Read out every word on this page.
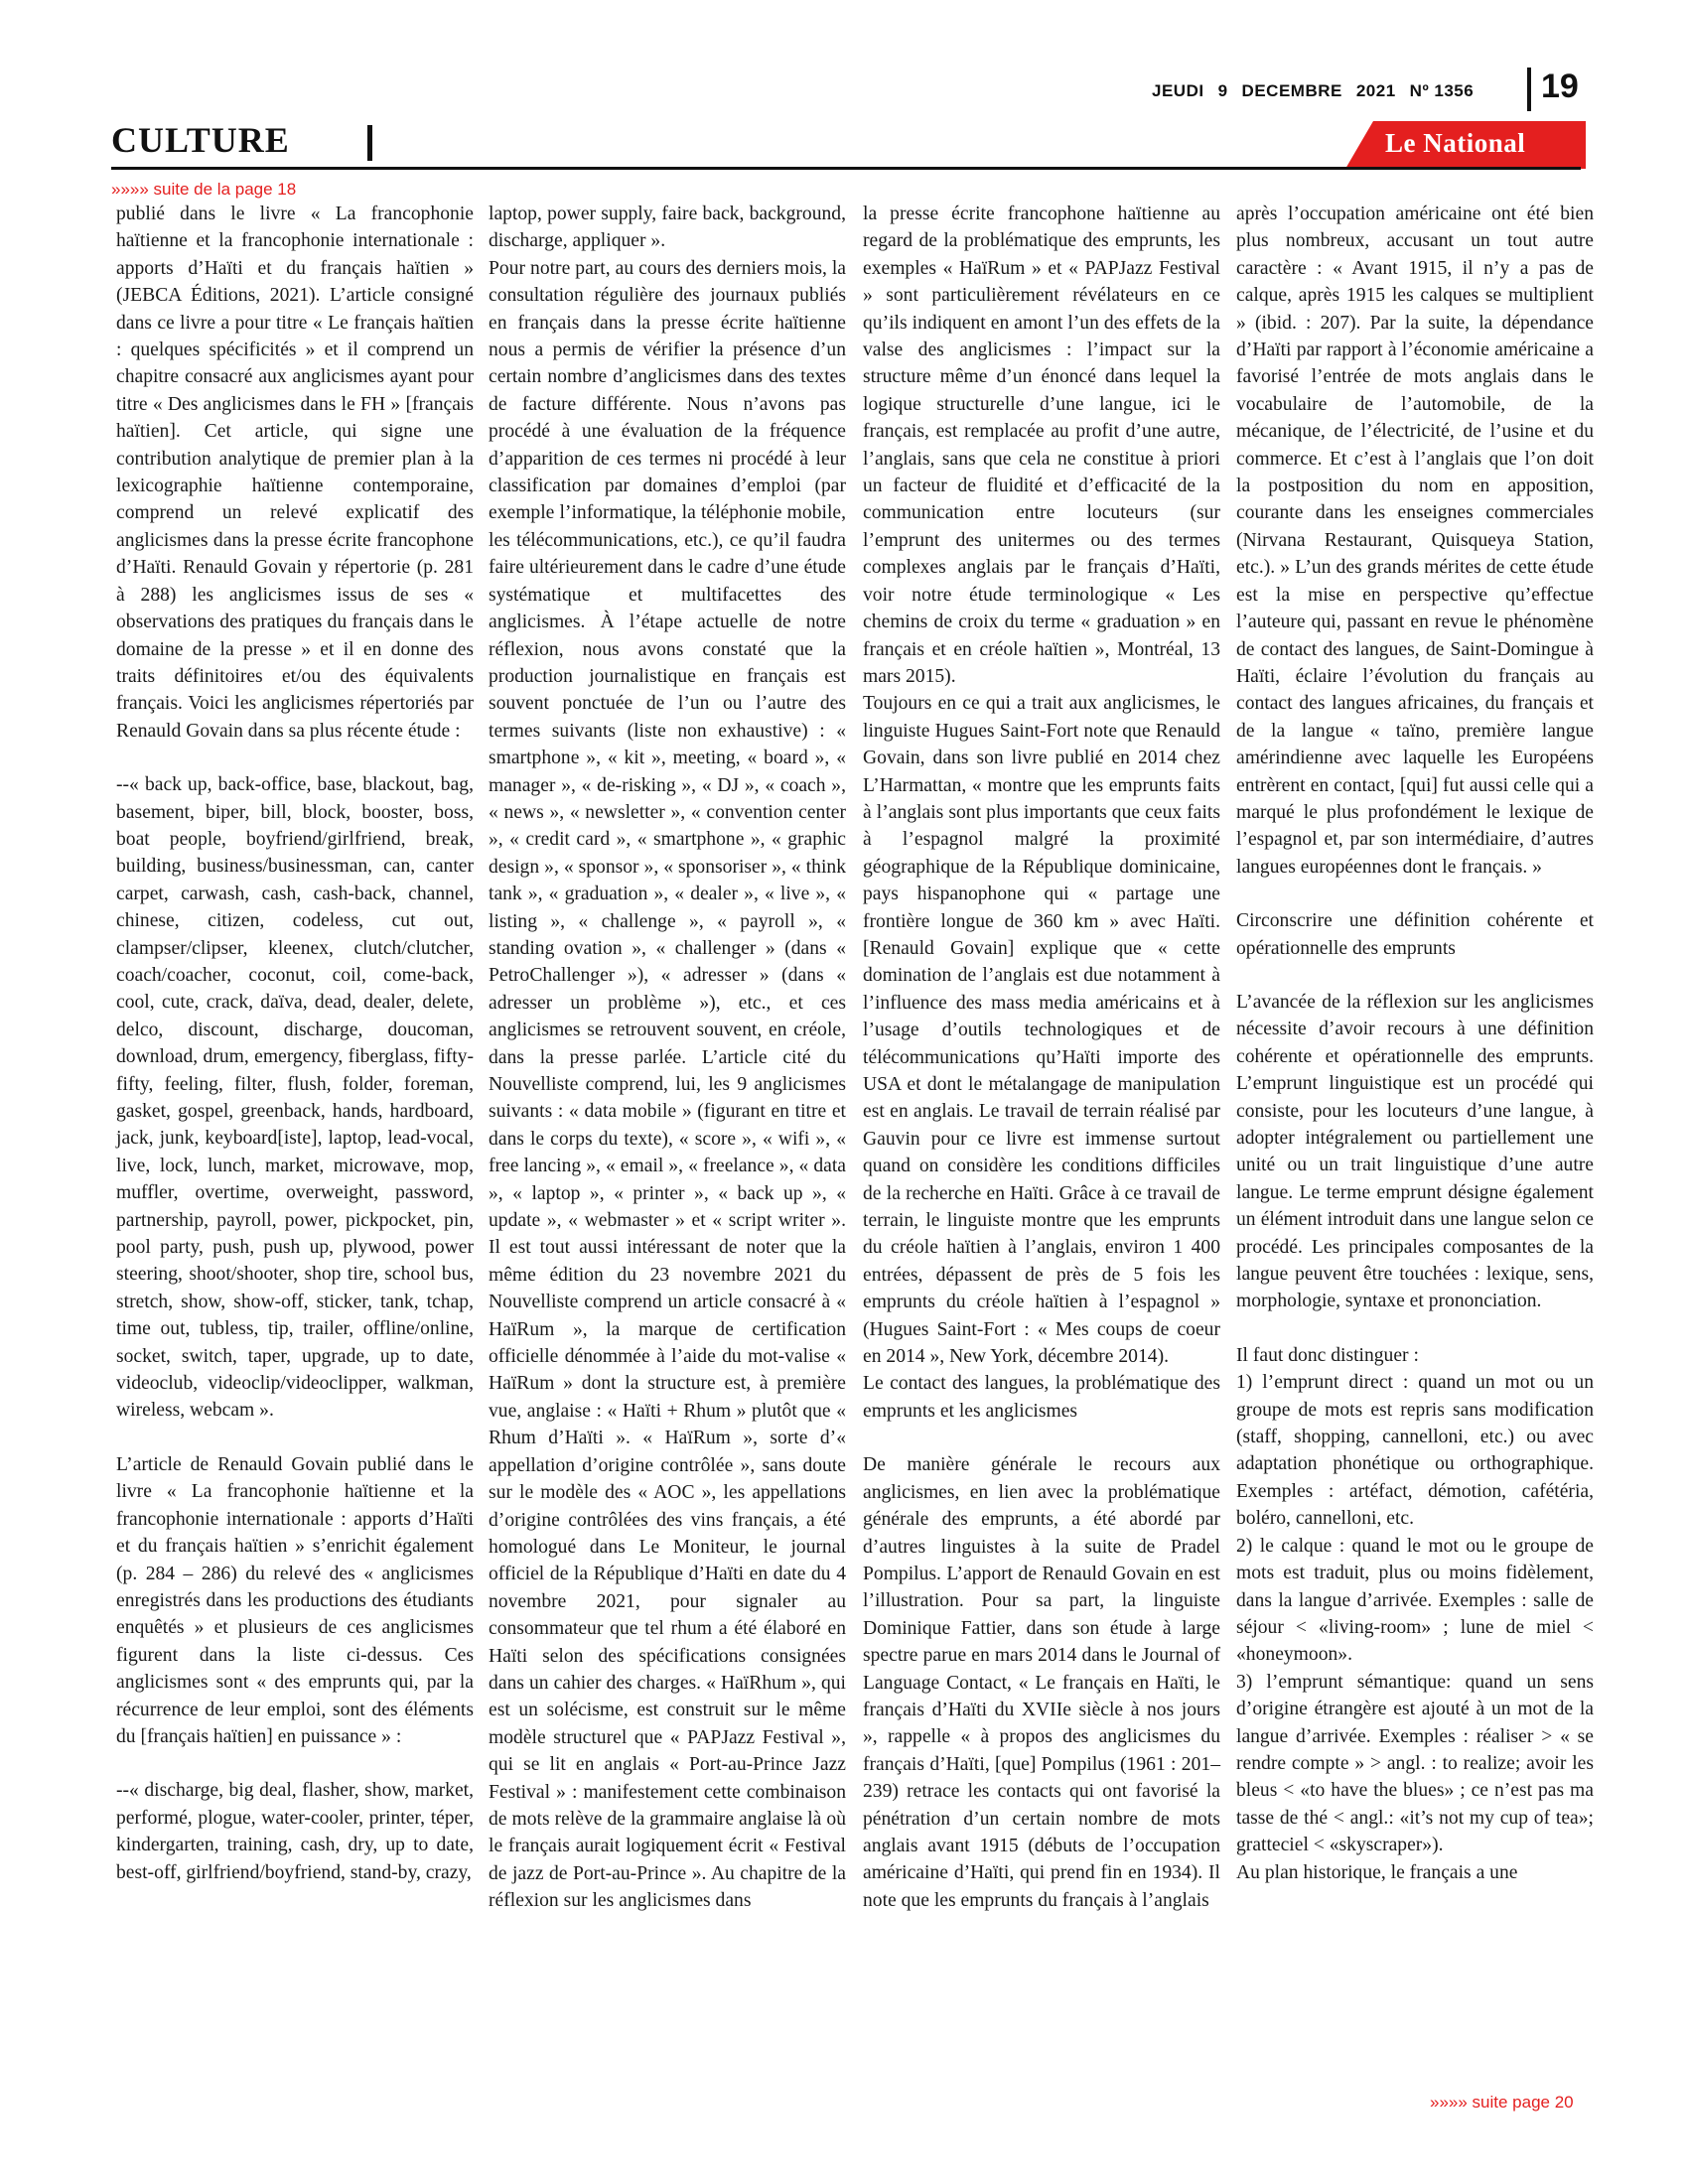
JEUDI 9 DECEMBRE 2021 Nº 1356	19
CULTURE	Le National
»»»» suite de la page 18

publié dans le livre « La francophonie haïtienne et la francophonie internationale : apports d’Haïti et du français haïtien » (JEBCA Éditions, 2021). L’article consigné dans ce livre a pour titre « Le français haïtien : quelques spécificités » et il comprend un chapitre consacré aux anglicismes ayant pour titre « Des anglicismes dans le FH » [français haïtien]. Cet article, qui signe une contribution analytique de premier plan à la lexicographie haïtienne contemporaine, comprend un relevé explicatif des anglicismes dans la presse écrite francophone d’Haïti. Renauld Govain y répertorie (p. 281 à 288) les anglicismes issus de ses « observations des pratiques du français dans le domaine de la presse » et il en donne des traits définitoires et/ou des équivalents français. Voici les anglicismes répertoriés par Renauld Govain dans sa plus récente étude :

--« back up, back-office, base, blackout, bag, basement, biper, bill, block, booster, boss, boat people, boyfriend/girlfriend, break, building, business/businessman, can, canter carpet, carwash, cash, cash-back, channel, chinese, citizen, codeless, cut out, clampser/clipser, kleenex, clutch/clutcher, coach/coacher, coconut, coil, come-back, cool, cute, crack, daïva, dead, dealer, delete, delco, discount, discharge, doucoman, download, drum, emergency, fiberglass, fifty-fifty, feeling, filter, flush, folder, foreman, gasket, gospel, greenback, hands, hardboard, jack, junk, keyboard[iste], laptop, lead-vocal, live, lock, lunch, market, microwave, mop, muffler, overtime, overweight, password, partnership, payroll, power, pickpocket, pin, pool party, push, push up, plywood, power steering, shoot/shooter, shop tire, school bus, stretch, show, show-off, sticker, tank, tchap, time out, tubless, tip, trailer, offline/online, socket, switch, taper, upgrade, up to date, videoclub, videoclip/videoclipper, walkman, wireless, webcam ».

L’article de Renauld Govain publié dans le livre « La francophonie haïtienne et la francophonie internationale : apports d’Haïti et du français haïtien » s’enrichit également (p. 284 – 286) du relevé des « anglicismes enregistrés dans les productions des étudiants enquêtés » et plusieurs de ces anglicismes figurent dans la liste ci-dessus. Ces anglicismes sont « des emprunts qui, par la récurrence de leur emploi, sont des éléments du [français haïtien] en puissance » :

--« discharge, big deal, flasher, show, market, performé, plogue, water-cooler, printer, téper, kindergarten, training, cash, dry, up to date, best-off, girlfriend/boyfriend, stand-by, crazy,

laptop, power supply, faire back, background, discharge, appliquer ».

Pour notre part, au cours des derniers mois, la consultation régulière des journaux publiés en français dans la presse écrite haïtienne nous a permis de vérifier la présence d’un certain nombre d’anglicismes dans des textes de facture différente. Nous n’avons pas procédé à une évaluation de la fréquence d’apparition de ces termes ni procédé à leur classification par domaines d’emploi (par exemple l’informatique, la téléphonie mobile, les télécommunications, etc.), ce qu’il faudra faire ultérieurement dans le cadre d’une étude systématique et multifacettes des anglicismes. À l’étape actuelle de notre réflexion, nous avons constaté que la production journalistique en français est souvent ponctuée de l’un ou l’autre des termes suivants (liste non exhaustive) : « smartphone », « kit », meeting, « board », « manager », « de-risking », « DJ », « coach », « news », « newsletter », « convention center », « credit card », « smartphone », « graphic design », « sponsor », « sponsoriser », « think tank », « graduation », « dealer », « live », « listing », « challenge », « payroll », « standing ovation », « challenger » (dans « PetroChallenger »), « adresser » (dans « adresser un problème »), etc., et ces anglicismes se retrouvent souvent, en créole, dans la presse parlée. L’article cité du Nouvelliste comprend, lui, les 9 anglicismes suivants : « data mobile » (figurant en titre et dans le corps du texte), « score », « wifi », « free lancing », « email », « freelance », « data », « laptop », « printer », « back up », « update », « webmaster » et « script writer ». Il est tout aussi intéressant de noter que la même édition du 23 novembre 2021 du Nouvelliste comprend un article consacré à « HaïRum », la marque de certification officielle dénommée à l’aide du mot-valise « HaïRum » dont la structure est, à première vue, anglaise : « Haïti + Rhum » plutôt que « Rhum d’Haïti ». « HaïRum », sorte d’« appellation d’origine contrôlée », sans doute sur le modèle des « AOC », les appellations d’origine contrôlées des vins français, a été homologué dans Le Moniteur, le journal officiel de la République d’Haïti en date du 4 novembre 2021, pour signaler au consommateur que tel rhum a été élaboré en Haïti selon des spécifications consignées dans un cahier des charges. « HaïRhum », qui est un solécisme, est construit sur le même modèle structurel que « PAPJazz Festival », qui se lit en anglais « Port-au-Prince Jazz Festival » : manifestement cette combinaison de mots relève de la grammaire anglaise là où le français aurait logiquement écrit « Festival de jazz de Port-au-Prince ». Au chapitre de la réflexion sur les anglicismes dans

la presse écrite francophone haïtienne au regard de la problématique des emprunts, les exemples « HaïRum » et « PAPJazz Festival » sont particulièrement révélateurs en ce qu’ils indiquent en amont l’un des effets de la valse des anglicismes : l’impact sur la structure même d’un énoncé dans lequel la logique structurelle d’une langue, ici le français, est remplacée au profit d’une autre, l’anglais, sans que cela ne constitue à priori un facteur de fluidité et d’efficacité de la communication entre locuteurs (sur l’emprunt des unitermes ou des termes complexes anglais par le français d’Haïti, voir notre étude terminologique « Les chemins de croix du terme « graduation » en français et en créole haïtien », Montréal, 13 mars 2015).

Toujours en ce qui a trait aux anglicismes, le linguiste Hugues Saint-Fort note que Renauld Govain, dans son livre publié en 2014 chez L’Harmattan, « montre que les emprunts faits à l’anglais sont plus importants que ceux faits à l’espagnol malgré la proximité géographique de la République dominicaine, pays hispanophone qui « partage une frontière longue de 360 km » avec Haïti. [Renauld Govain] explique que « cette domination de l’anglais est due notamment à l’influence des mass media américains et à l’usage d’outils technologiques et de télécommunications qu’Haïti importe des USA et dont le métalangage de manipulation est en anglais. Le travail de terrain réalisé par Gauvin pour ce livre est immense surtout quand on considère les conditions difficiles de la recherche en Haïti. Grâce à ce travail de terrain, le linguiste montre que les emprunts du créole haïtien à l’anglais, environ 1 400 entrées, dépassent de près de 5 fois les emprunts du créole haïtien à l’espagnol » (Hugues Saint-Fort : « Mes coups de coeur en 2014 », New York, décembre 2014).

Le contact des langues, la problématique des emprunts et les anglicismes

De manière générale le recours aux anglicismes, en lien avec la problématique générale des emprunts, a été abordé par d’autres linguistes à la suite de Pradel Pompilus. L’apport de Renauld Govain en est l’illustration. Pour sa part, la linguiste Dominique Fattier, dans son étude à large spectre parue en mars 2014 dans le Journal of Language Contact, « Le français en Haïti, le français d’Haïti du XVIIe siècle à nos jours », rappelle « à propos des anglicismes du français d’Haïti, [que] Pompilus (1961 : 201–239) retrace les contacts qui ont favorisé la pénétration d’un certain nombre de mots anglais avant 1915 (débuts de l’occupation américaine d’Haïti, qui prend fin en 1934). Il note que les emprunts du français à l’anglais

après l’occupation américaine ont été bien plus nombreux, accusant un tout autre caractère : « Avant 1915, il n’y a pas de calque, après 1915 les calques se multiplient » (ibid. : 207). Par la suite, la dépendance d’Haïti par rapport à l’économie américaine a favorisé l’entrée de mots anglais dans le vocabulaire de l’automobile, de la mécanique, de l’électricité, de l’usine et du commerce. Et c’est à l’anglais que l’on doit la postposition du nom en apposition, courante dans les enseignes commerciales (Nirvana Restaurant, Quisqueya Station, etc.). » L’un des grands mérites de cette étude est la mise en perspective qu’effectue l’auteure qui, passant en revue le phénomène de contact des langues, de Saint-Domingue à Haïti, éclaire l’évolution du français au contact des langues africaines, du français et de la langue « taïno, première langue amérindienne avec laquelle les Européens entrèrent en contact, [qui] fut aussi celle qui a marqué le plus profondément le lexique de l’espagnol et, par son intermédiaire, d’autres langues européennes dont le français. »

Circonscrire une définition cohérente et opérationnelle des emprunts

L’avancée de la réflexion sur les anglicismes nécessite d’avoir recours à une définition cohérente et opérationnelle des emprunts. L’emprunt linguistique est un procédé qui consiste, pour les locuteurs d’une langue, à adopter intégralement ou partiellement une unité ou un trait linguistique d’une autre langue. Le terme emprunt désigne également un élément introduit dans une langue selon ce procédé. Les principales composantes de la langue peuvent être touchées : lexique, sens, morphologie, syntaxe et prononciation.

Il faut donc distinguer :

1) l’emprunt direct : quand un mot ou un groupe de mots est repris sans modification (staff, shopping, cannelloni, etc.) ou avec adaptation phonétique ou orthographique. Exemples : artéfact, démotion, cafétéria, boléro, cannelloni, etc.

2) le calque : quand le mot ou le groupe de mots est traduit, plus ou moins fidèlement, dans la langue d’arrivée. Exemples : salle de séjour < «living-room» ; lune de miel < «honeymoon».

3) l’emprunt sémantique: quand un sens d’origine étrangère est ajouté à un mot de la langue d’arrivée. Exemples : réaliser > « se rendre compte » > angl. : to realize; avoir les bleus < «to have the blues» ; ce n’est pas ma tasse de thé < angl.: «it’s not my cup of tea»; gratteciel < «skyscraper»).

Au plan historique, le français a une

»»»» suite page 20
